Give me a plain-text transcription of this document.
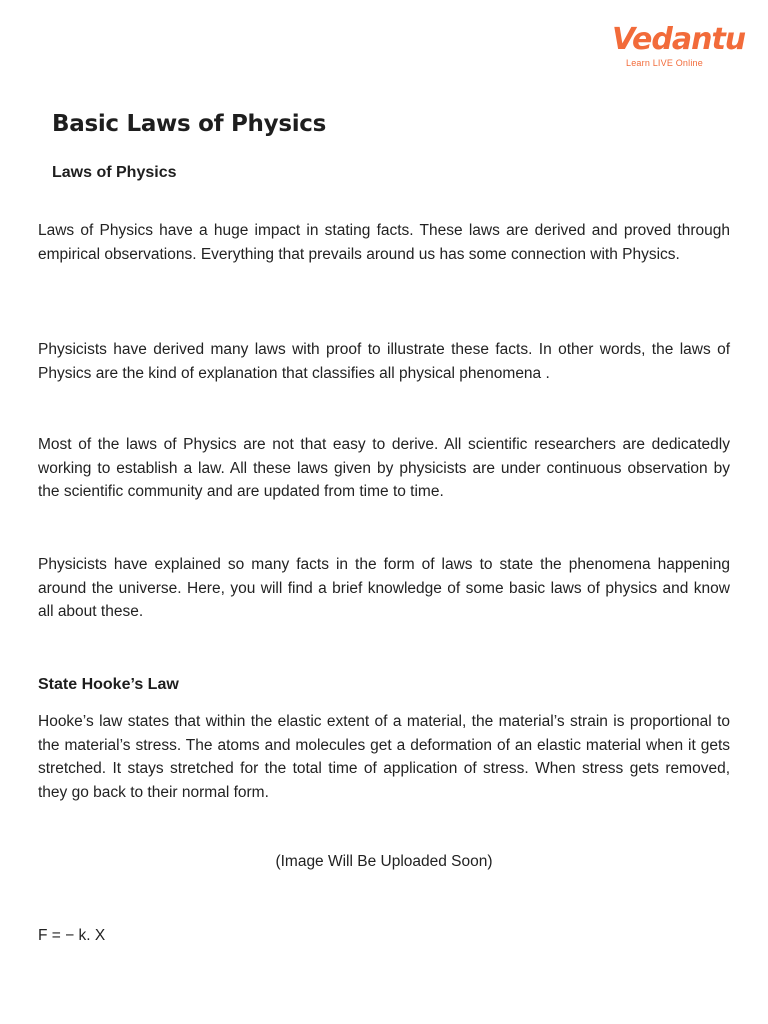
Vedantu
Learn LIVE Online
Basic Laws of Physics
Laws of Physics

Laws of Physics have a huge impact in stating facts. These laws are derived and proved through empirical observations. Everything that prevails around us has some connection with Physics.

Physicists have derived many laws with proof to illustrate these facts. In other words, the laws of Physics are the kind of explanation that classifies all physical phenomena .

Most of the laws of Physics are not that easy to derive. All scientific researchers are dedicatedly working to establish a law. All these laws given by physicists are under continuous observation by the scientific community and are updated from time to time.

Physicists have explained so many facts in the form of laws to state the phenomena happening around the universe. Here, you will find a brief knowledge of some basic laws of physics and know all about these.

State Hooke’s Law

Hooke’s law states that within the elastic extent of a material, the material’s strain is proportional to the material’s stress. The atoms and molecules get a deformation of an elastic material when it gets stretched. It stays stretched for the total time of application of stress. When stress gets removed, they go back to their normal form.

(Image Will Be Uploaded Soon)

F = − k. X
